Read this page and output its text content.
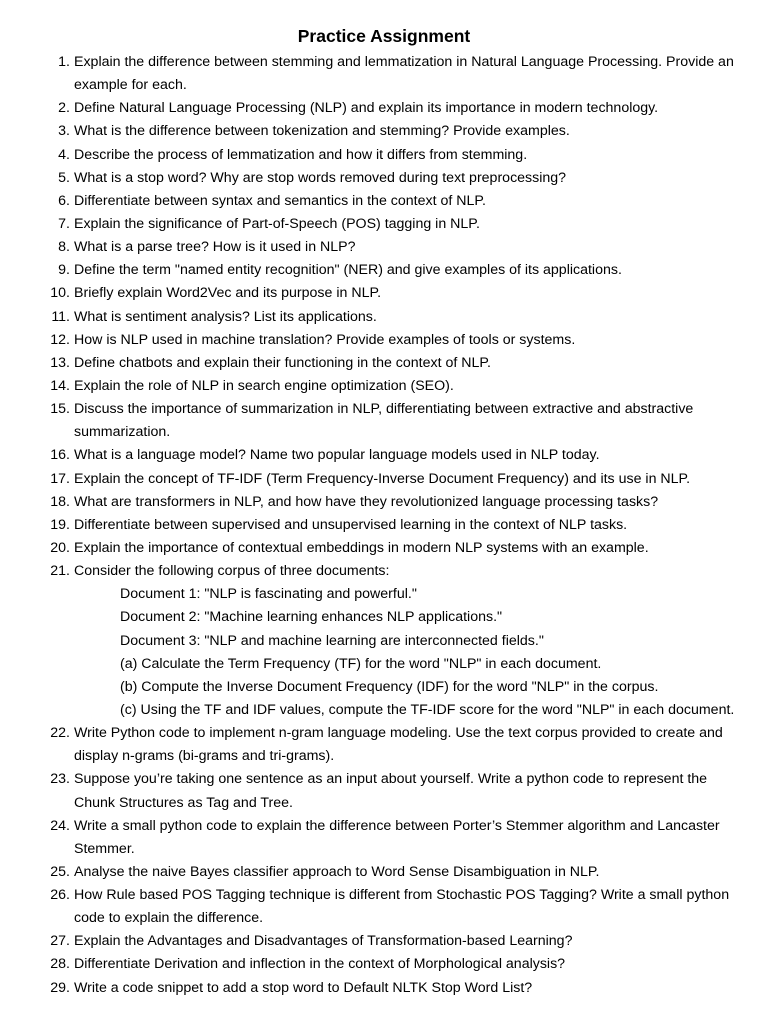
Practice Assignment
1. Explain the difference between stemming and lemmatization in Natural Language Processing. Provide an
example for each.
2. Define Natural Language Processing (NLP) and explain its importance in modern technology.
3. What is the difference between tokenization and stemming? Provide examples.
4. Describe the process of lemmatization and how it differs from stemming.
5. What is a stop word? Why are stop words removed during text preprocessing?
6. Differentiate between syntax and semantics in the context of NLP.
7. Explain the significance of Part-of-Speech (POS) tagging in NLP.
8. What is a parse tree? How is it used in NLP?
9. Define the term "named entity recognition" (NER) and give examples of its applications.
10. Briefly explain Word2Vec and its purpose in NLP.
11. What is sentiment analysis? List its applications.
12. How is NLP used in machine translation? Provide examples of tools or systems.
13. Define chatbots and explain their functioning in the context of NLP.
14. Explain the role of NLP in search engine optimization (SEO).
15. Discuss the importance of summarization in NLP, differentiating between extractive and abstractive
summarization.
16. What is a language model? Name two popular language models used in NLP today.
17. Explain the concept of TF-IDF (Term Frequency-Inverse Document Frequency) and its use in NLP.
18. What are transformers in NLP, and how have they revolutionized language processing tasks?
19. Differentiate between supervised and unsupervised learning in the context of NLP tasks.
20. Explain the importance of contextual embeddings in modern NLP systems with an example.
21. Consider the following corpus of three documents:
Document 1: "NLP is fascinating and powerful."
Document 2: "Machine learning enhances NLP applications."
Document 3: "NLP and machine learning are interconnected fields."
(a) Calculate the Term Frequency (TF) for the word "NLP" in each document.
(b) Compute the Inverse Document Frequency (IDF) for the word "NLP" in the corpus.
(c) Using the TF and IDF values, compute the TF-IDF score for the word "NLP" in each document.
22. Write Python code to implement n-gram language modeling. Use the text corpus provided to create and
display n-grams (bi-grams and tri-grams).
23. Suppose you’re taking one sentence as an input about yourself. Write a python code to represent the
Chunk Structures as Tag and Tree.
24. Write a small python code to explain the difference between Porter’s Stemmer algorithm and Lancaster
Stemmer.
25. Analyse the naive Bayes classifier approach to Word Sense Disambiguation in NLP.
26. How Rule based POS Tagging technique is different from Stochastic POS Tagging? Write a small python
code to explain the difference.
27. Explain the Advantages and Disadvantages of Transformation-based Learning?
28. Differentiate Derivation and inflection in the context of Morphological analysis?
29. Write a code snippet to add a stop word to Default NLTK Stop Word List?
